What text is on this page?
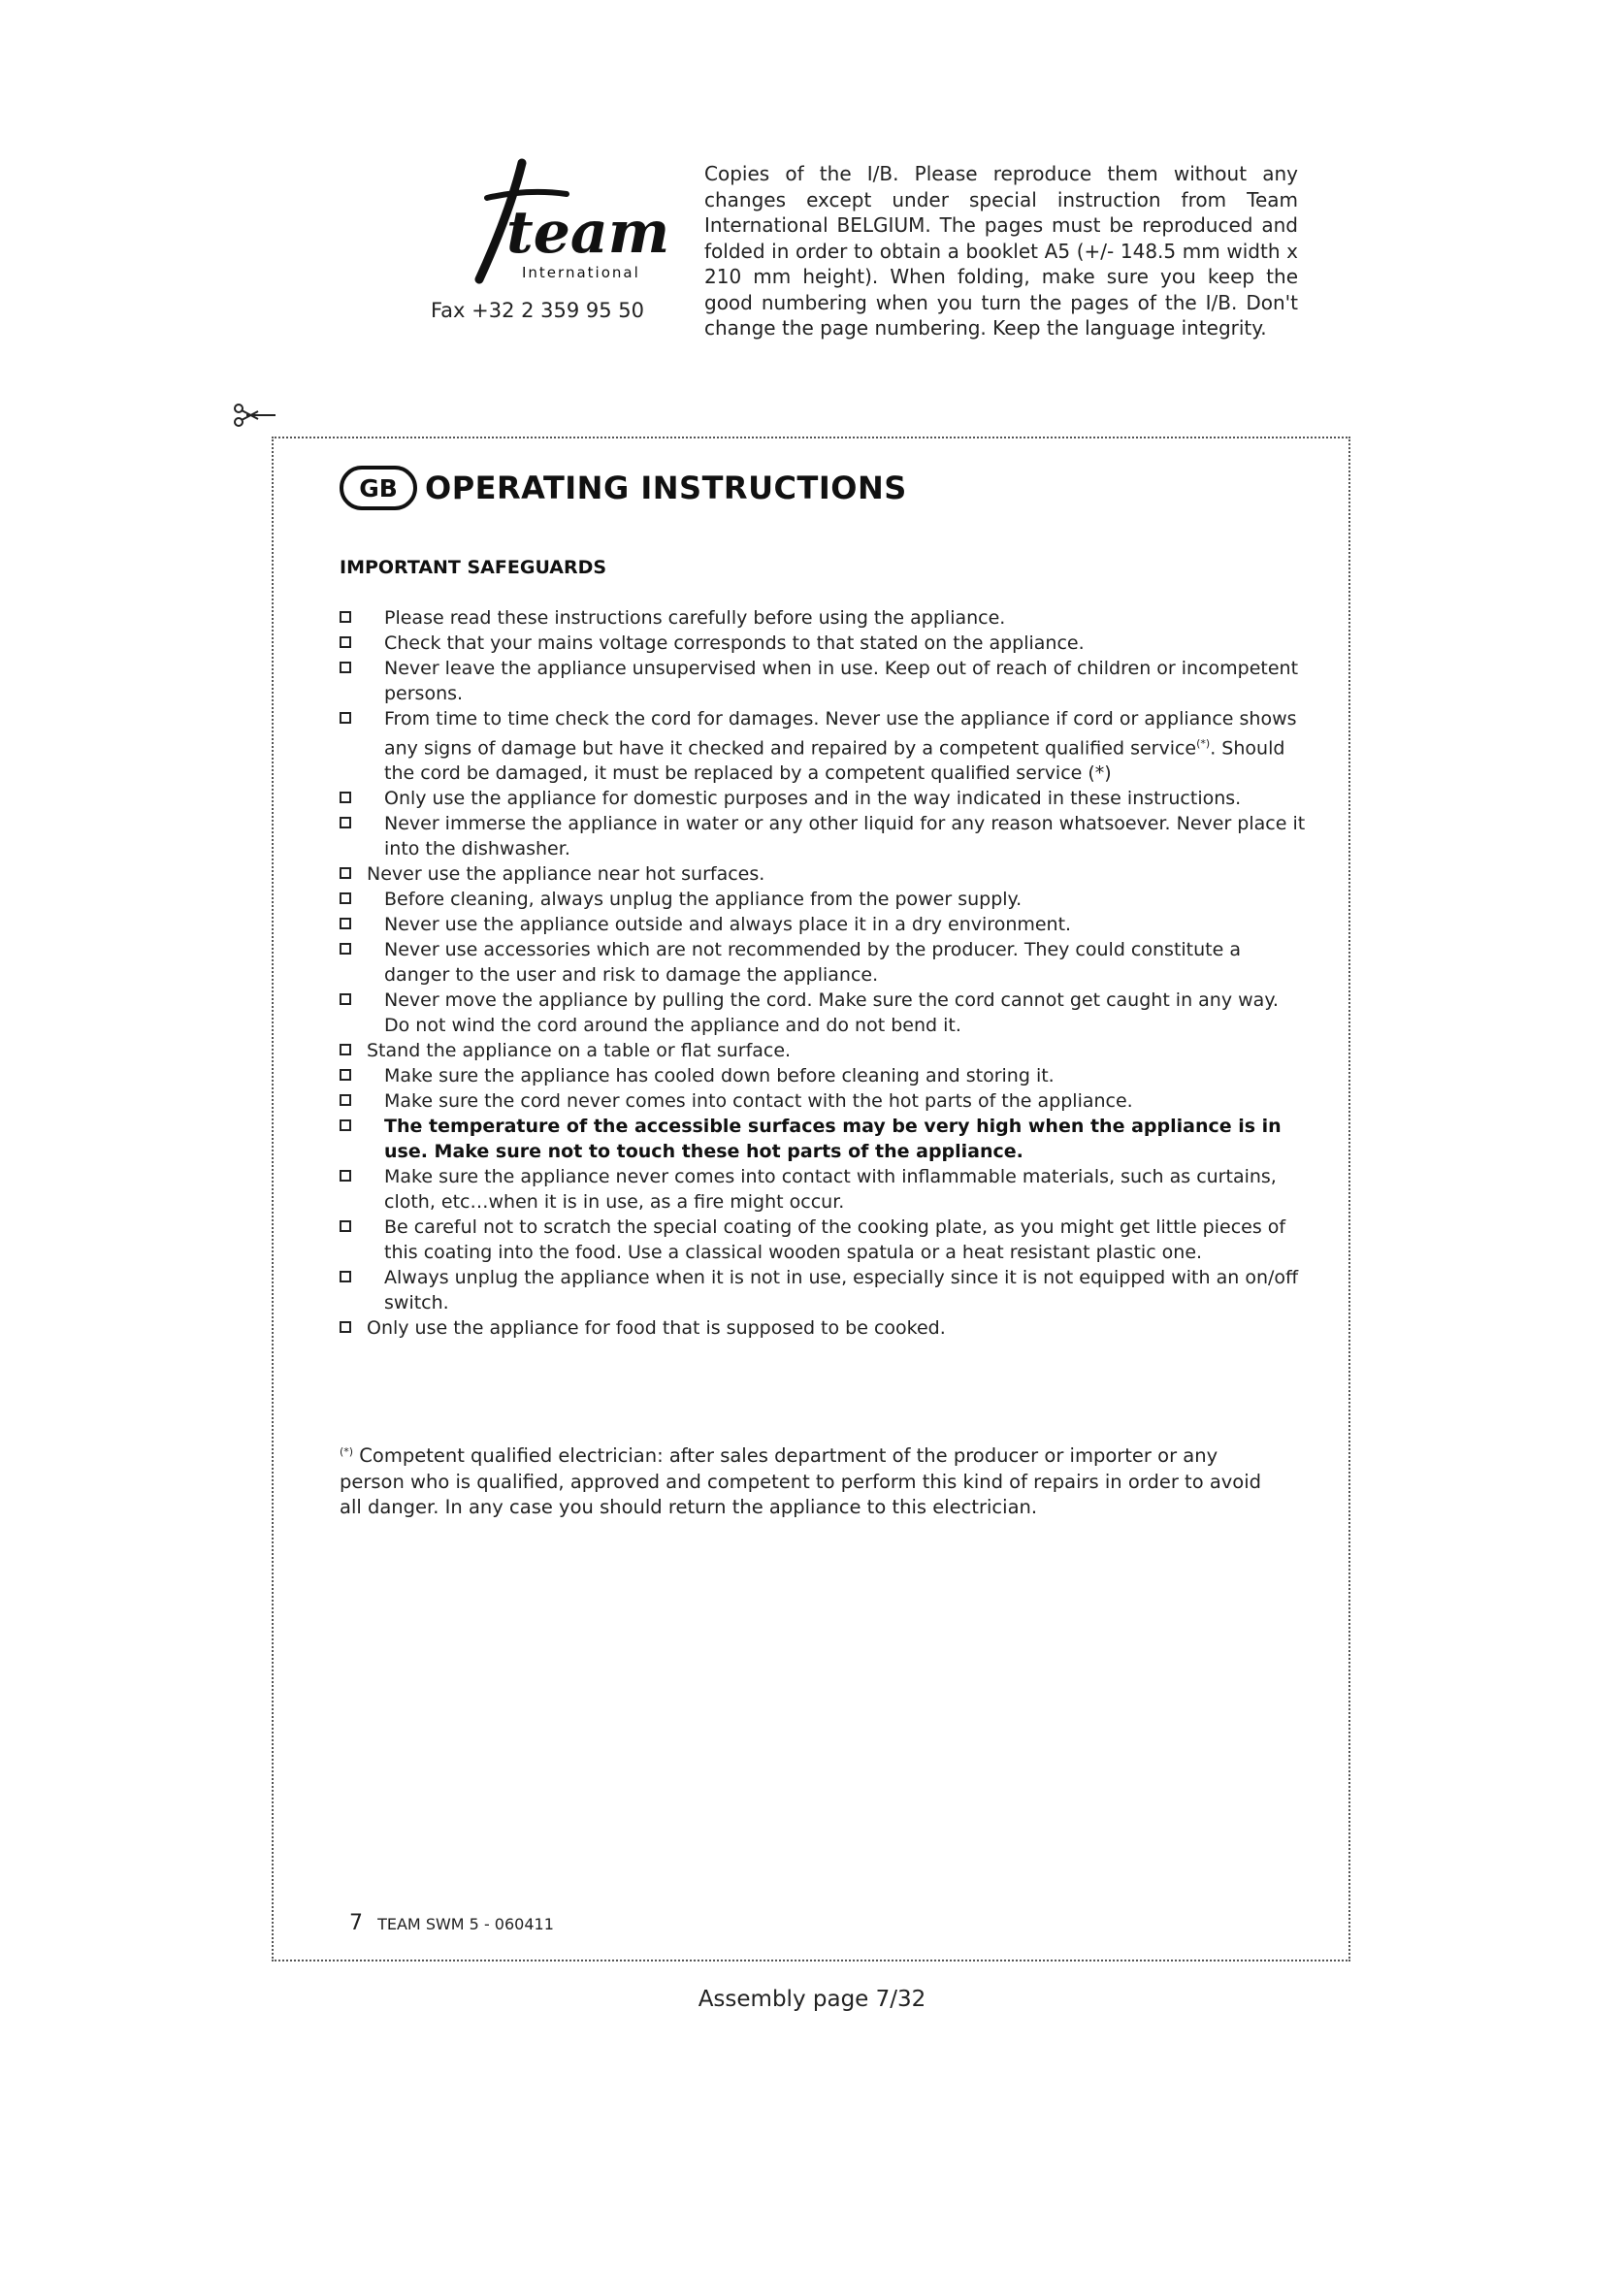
team
International
Fax +32 2 359 95 50
Copies of the I/B. Please reproduce them without any changes except under special instruction from Team International BELGIUM. The pages must be reproduced and folded in order to obtain a booklet A5 (+/- 148.5 mm width x 210 mm height). When folding, make sure you keep the good numbering when you turn the pages of the I/B. Don't change the page numbering. Keep the language integrity.
GB OPERATING INSTRUCTIONS
IMPORTANT SAFEGUARDS
Please read these instructions carefully before using the appliance.
Check that your mains voltage corresponds to that stated on the appliance.
Never leave the appliance unsupervised when in use. Keep out of reach of children or incompetent persons.
From time to time check the cord for damages. Never use the appliance if cord or appliance shows any signs of damage but have it checked and repaired by a competent qualified service(*). Should the cord be damaged, it must be replaced by a competent qualified service (*)
Only use the appliance for domestic purposes and in the way indicated in these instructions.
Never immerse the appliance in water or any other liquid for any reason whatsoever. Never place it into the dishwasher.
Never use the appliance near hot surfaces.
Before cleaning, always unplug the appliance from the power supply.
Never use the appliance outside and always place it in a dry environment.
Never use accessories which are not recommended by the producer. They could constitute a danger to the user and risk to damage the appliance.
Never move the appliance by pulling the cord. Make sure the cord cannot get caught in any way. Do not wind the cord around the appliance and do not bend it.
Stand the appliance on a table or flat surface.
Make sure the appliance has cooled down before cleaning and storing it.
Make sure the cord never comes into contact with the hot parts of the appliance.
The temperature of the accessible surfaces may be very high when the appliance is in use. Make sure not to touch these hot parts of the appliance.
Make sure the appliance never comes into contact with inflammable materials, such as curtains, cloth, etc…when it is in use, as a fire might occur.
Be careful not to scratch the special coating of the cooking plate, as you might get little pieces of this coating into the food. Use a classical wooden spatula or a heat resistant plastic one.
Always unplug the appliance when it is not in use, especially since it is not equipped with an on/off switch.
Only use the appliance for food that is supposed to be cooked.
(*) Competent qualified electrician: after sales department of the producer or importer or any person who is qualified, approved and competent to perform this kind of repairs in order to avoid all danger. In any case you should return the appliance to this electrician.
7 TEAM SWM 5 - 060411
Assembly page 7/32
